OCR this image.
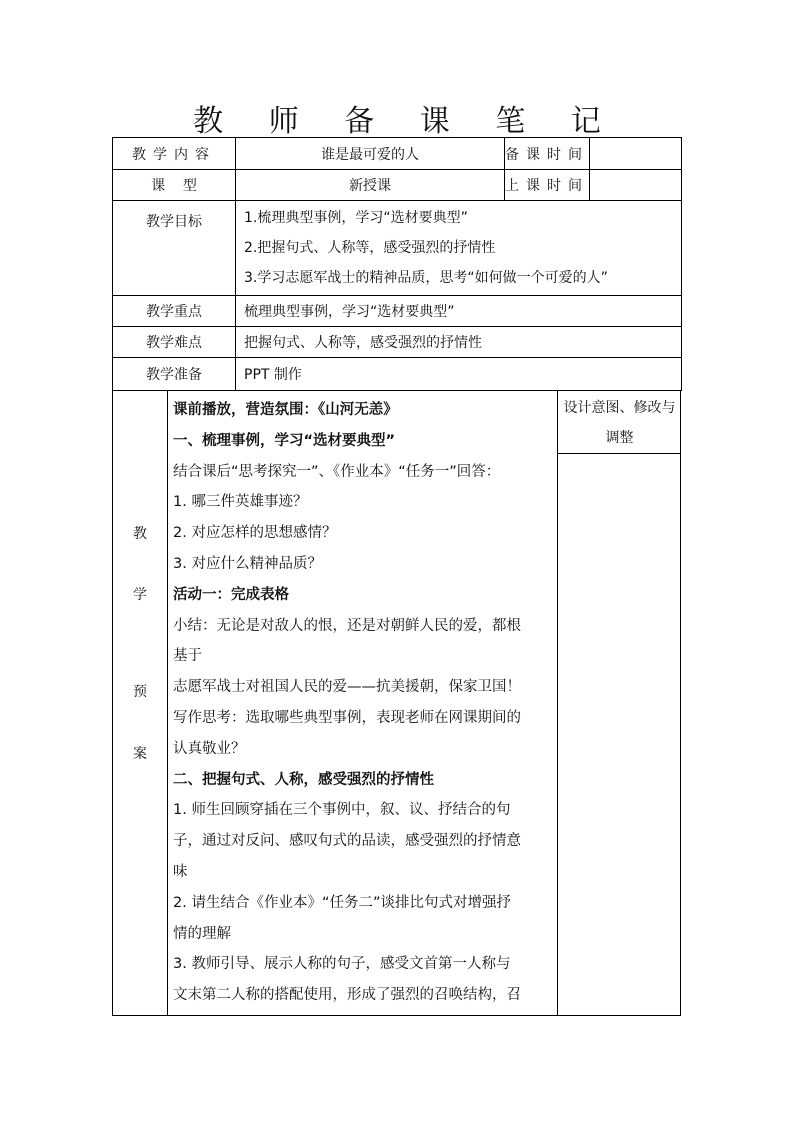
教 师 备 课 笔 记
教学内容	谁是最可爱的人	备课时间	
课    型	新授课	上课时间	
教学目标	1.梳理典型事例，学习“选材要典型”
2.把握句式、人称等，感受强烈的抒情性
3.学习志愿军战士的精神品质，思考“如何做一个可爱的人”		

教学重点	梳理典型事例，学习“选材要典型”		
教学难点	把握句式、人称等，感受强烈的抒情性		
教学准备	PPT 制作		
教
学
预
案
课前播放，营造氛围：《山河无恙》
一、梳理事例，学习“选材要典型”
结合课后“思考探究一”、《作业本》“任务一”回答：
1. 哪三件英雄事迹？
2. 对应怎样的思想感情？
3. 对应什么精神品质？
活动一：完成表格
小结：无论是对敌人的恨，还是对朝鲜人民的爱，都根
基于
志愿军战士对祖国人民的爱——抗美援朝，保家卫国！
写作思考：选取哪些典型事例，表现老师在网课期间的
认真敬业？
二、把握句式、人称，感受强烈的抒情性
1. 师生回顾穿插在三个事例中，叙、议、抒结合的句
子，通过对反问、感叹句式的品读，感受强烈的抒情意
味
2. 请生结合《作业本》“任务二”谈排比句式对增强抒
情的理解
3. 教师引导、展示人称的句子，感受文首第一人称与
文末第二人称的搭配使用，形成了强烈的召唤结构，召
设计意图、修改与
调整
